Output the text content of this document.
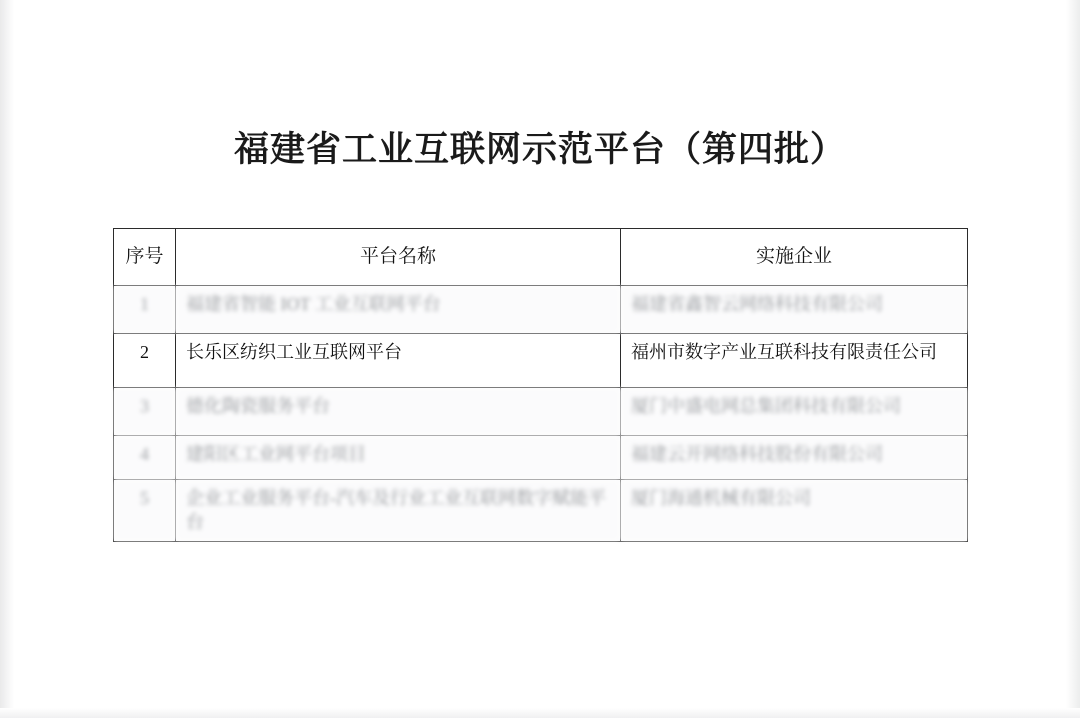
福建省工业互联网示范平台（第四批）
序号	平台名称	实施企业
1	福建省智能 IOT 工业互联网平台	福建省鑫智云网络科技有限公司
2	长乐区纺织工业互联网平台	福州市数字产业互联科技有限责任公司
3	德化陶瓷服务平台	厦门中盛电网总集团科技有限公司
4	建阳区工业网平台项目	福建云开网络科技股份有限公司
5	企业工业服务平台-汽车及行业工业互联网数字赋能平台	厦门海通机械有限公司
